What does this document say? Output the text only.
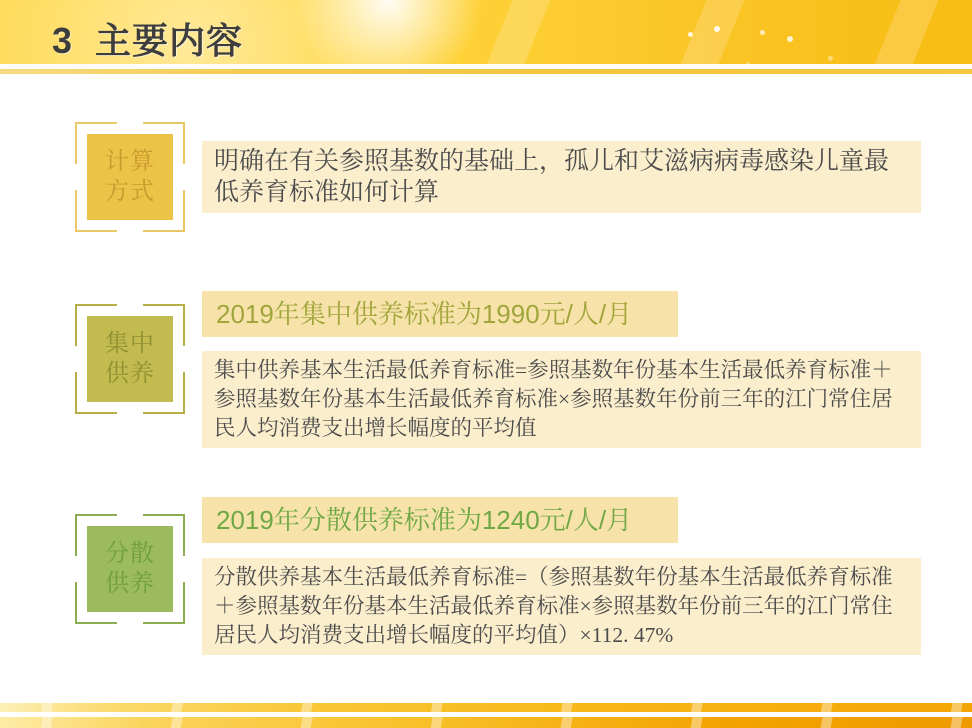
3  主要内容
计算
方式
明确在有关参照基数的基础上，孤儿和艾滋病病毒感染儿童最低养育标准如何计算
集中
供养
2019年集中供养标准为1990元/人/月
集中供养基本生活最低养育标准=参照基数年份基本生活最低养育标准＋参照基数年份基本生活最低养育标准×参照基数年份前三年的江门常住居民人均消费支出增长幅度的平均值
分散
供养
2019年分散供养标准为1240元/人/月
分散供养基本生活最低养育标准=（参照基数年份基本生活最低养育标准＋参照基数年份基本生活最低养育标准×参照基数年份前三年的江门常住居民人均消费支出增长幅度的平均值）×112. 47%
